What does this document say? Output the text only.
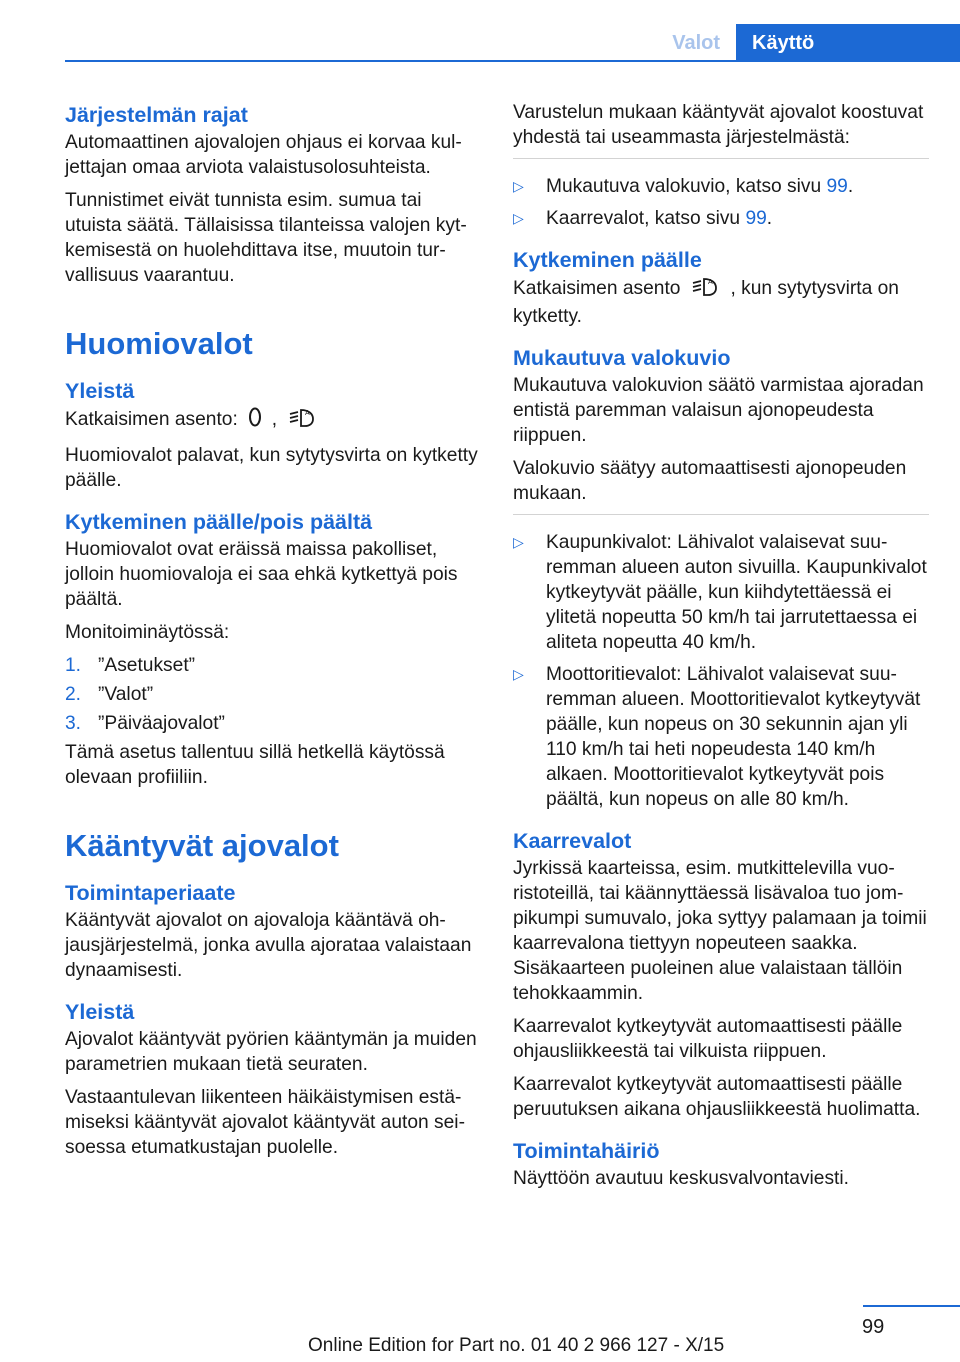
Valot	Käyttö
Järjestelmän rajat

Automaattinen ajovalojen ohjaus ei korvaa kuljettajan omaa arviota valaistusolosuhteista.

Tunnistimet eivät tunnista esim. sumua tai utuista säätä. Tällaisissa tilanteissa valojen kytkemisestä on huolehdittava itse, muutoin turvallisuus vaarantuu.

Huomiovalot
Yleistä

Katkaisimen asento: ,	A

Huomiovalot palavat, kun sytytysvirta on kytketty päälle.

Kytkeminen päälle/pois päältä

Huomiovalot ovat eräissä maissa pakolliset, jolloin huomiovaloja ei saa ehkä kytkettyä pois päältä.

Monitoiminäytössä:

1. ”Asetukset”
2. ”Valot”
3. ”Päiväajovalot”

Tämä asetus tallentuu sillä hetkellä käytössä olevaan profiiliin.

Kääntyvät ajovalot
Toimintaperiaate

Kääntyvät ajovalot on ajovaloja kääntävä ohjausjärjestelmä, jonka avulla ajorataa valaistaan dynaamisesti.

Yleistä

Ajovalot kääntyvät pyörien kääntymän ja muiden parametrien mukaan tietä seuraten.

Vastaantulevan liikenteen häikäistymisen estämiseksi kääntyvät ajovalot kääntyvät auton seisoessa etumatkustajan puolelle.

Varustelun mukaan kääntyvät ajovalot koostuvat yhdestä tai useammasta järjestelmästä:

▷ Mukautuva valokuvio, katso sivu 99.
▷ Kaarrevalot, katso sivu 99.
Kytkeminen päälle

Katkaisimen asento	A , kun sytytysvirta on kytketty.

Mukautuva valokuvio

Mukautuva valokuvion säätö varmistaa ajoradan entistä paremman valaisun ajonopeudesta riippuen.

Valokuvio säätyy automaattisesti ajonopeuden mukaan.

▷ Kaupunkivalot: Lähivalot valaisevat suuremman alueen auton sivuilla. Kaupunkivalot kytkeytyvät päälle, kun kiihdytettäessä ei ylitetä nopeutta 50 km/h tai jarrutettaessa ei aliteta nopeutta 40 km/h.
▷ Moottoritievalot: Lähivalot valaisevat suuremman alueen. Moottoritievalot kytkeytyvät päälle, kun nopeus on 30 sekunnin ajan yli 110 km/h tai heti nopeudesta 140 km/h alkaen. Moottoritievalot kytkeytyvät pois päältä, kun nopeus on alle 80 km/h.
Kaarrevalot

Jyrkissä kaarteissa, esim. mutkittelevilla vuoristoteillä, tai käännyttäessä lisävaloa tuo jompikumpi sumuvalo, joka syttyy palamaan ja toimii kaarrevalona tiettyyn nopeuteen saakka. Sisäkaarteen puoleinen alue valaistaan tällöin tehokkaammin.

Kaarrevalot kytkeytyvät automaattisesti päälle ohjausliikkeestä tai vilkuista riippuen.

Kaarrevalot kytkeytyvät automaattisesti päälle peruutuksen aikana ohjausliikkeestä huolimatta.

Toimintahäiriö

Näyttöön avautuu keskusvalvontaviesti.

99
Online Edition for Part no. 01 40 2 966 127 - X/15
